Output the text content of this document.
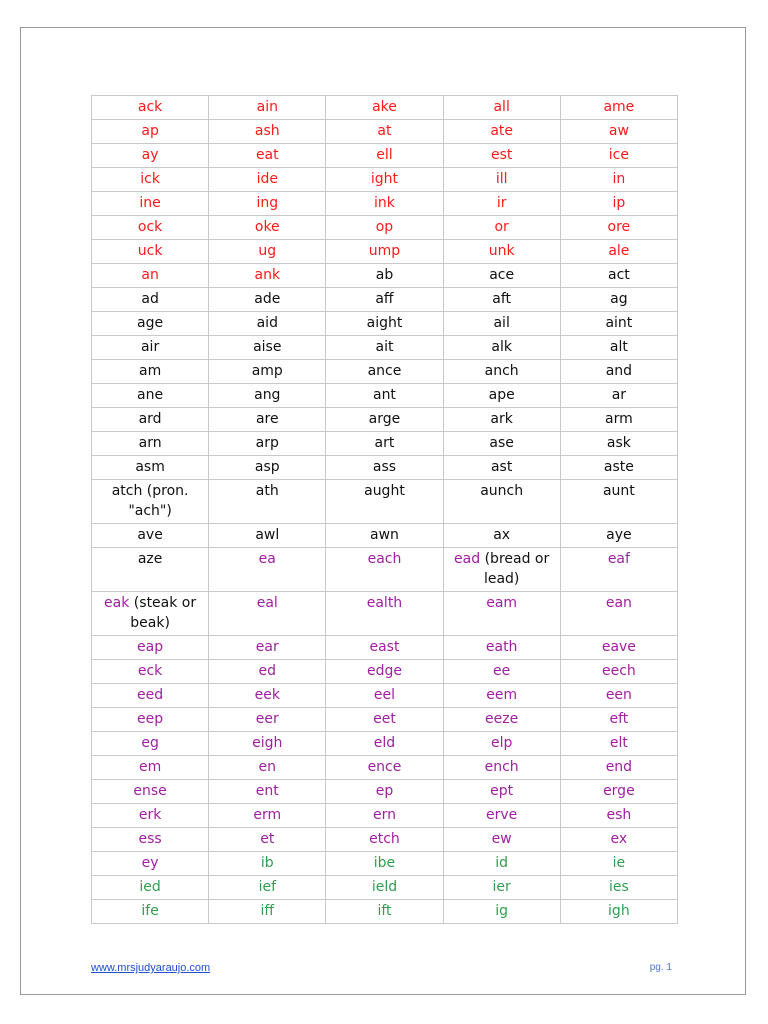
ack	ain	ake	all	ame
ap	ash	at	ate	aw
ay	eat	ell	est	ice
ick	ide	ight	ill	in
ine	ing	ink	ir	ip
ock	oke	op	or	ore
uck	ug	ump	unk	ale
an	ank	ab	ace	act
ad	ade	aff	aft	ag
age	aid	aight	ail	aint
air	aise	ait	alk	alt
am	amp	ance	anch	and
ane	ang	ant	ape	ar
ard	are	arge	ark	arm
arn	arp	art	ase	ask
asm	asp	ass	ast	aste
atch (pron. "ach")	ath	aught	aunch	aunt
ave	awl	awn	ax	aye
aze	ea	each	ead (bread or lead)	eaf
eak (steak or beak)	eal	ealth	eam	ean
eap	ear	east	eath	eave
eck	ed	edge	ee	eech
eed	eek	eel	eem	een
eep	eer	eet	eeze	eft
eg	eigh	eld	elp	elt
em	en	ence	ench	end
ense	ent	ep	ept	erge
erk	erm	ern	erve	esh
ess	et	etch	ew	ex
ey	ib	ibe	id	ie
ied	ief	ield	ier	ies
ife	iff	ift	ig	igh
www.mrsjudyaraujo.com	pg. 1
